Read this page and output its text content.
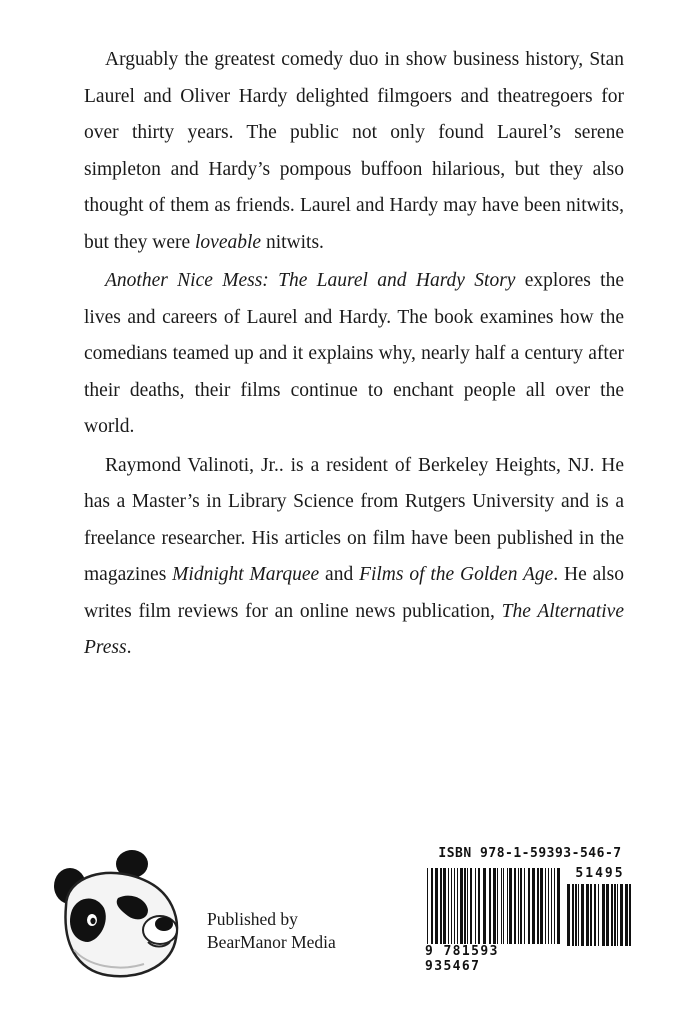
Arguably the greatest comedy duo in show business history, Stan Laurel and Oliver Hardy delighted filmgoers and theatregoers for over thirty years. The public not only found Laurel’s serene simpleton and Hardy’s pompous buffoon hilarious, but they also thought of them as friends. Laurel and Hardy may have been nitwits, but they were loveable nitwits.

Another Nice Mess: The Laurel and Hardy Story explores the lives and careers of Laurel and Hardy. The book examines how the comedians teamed up and it explains why, nearly half a century after their deaths, their films continue to enchant people all over the world.

Raymond Valinoti, Jr.. is a resident of Berkeley Heights, NJ. He has a Master’s in Library Science from Rutgers University and is a freelance researcher. His articles on film have been published in the magazines Midnight Marquee and Films of the Golden Age. He also writes film reviews for an online news publication, The Alternative Press.

Published by
BearManor Media
ISBN 978-1-59393-546-7
51495
9 781593 935467
